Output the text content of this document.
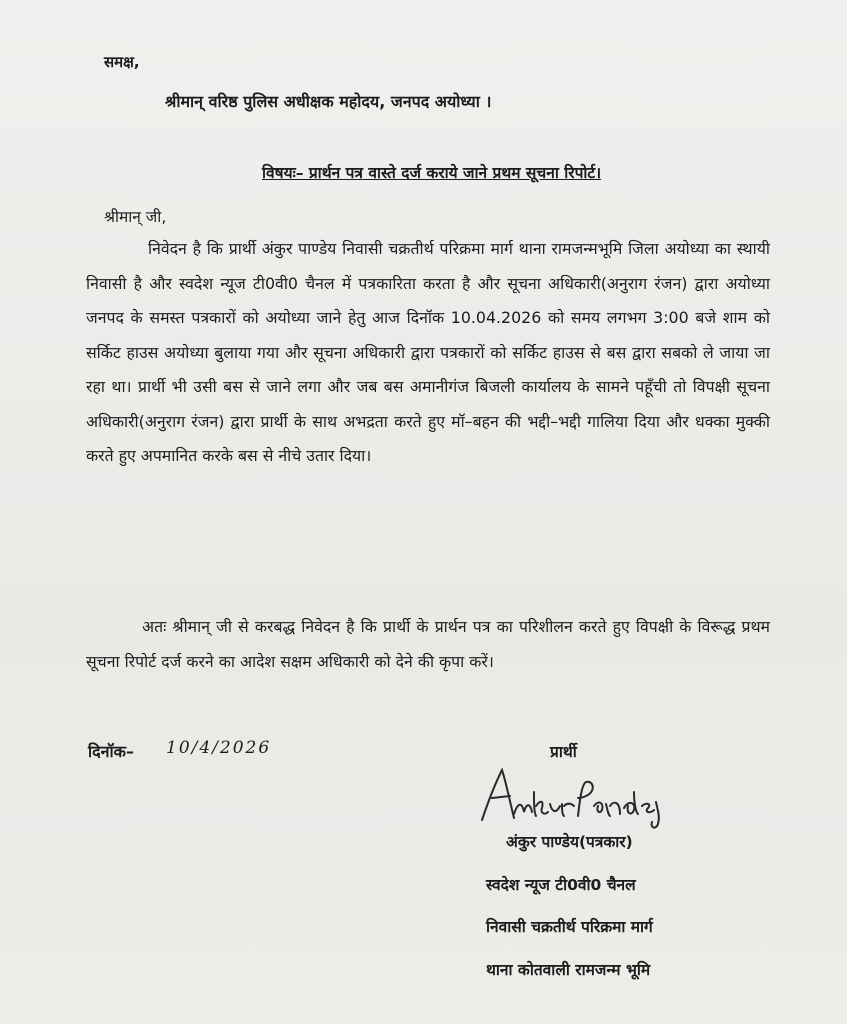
समक्ष,
श्रीमान् वरिष्ठ पुलिस अधीक्षक महोदय, जनपद अयोध्या ।
विषयः– प्रार्थन पत्र वास्ते दर्ज कराये जाने प्रथम सूचना रिपोर्ट।
श्रीमान् जी,
निवेदन है कि प्रार्थी अंकुर पाण्डेय निवासी चक्रतीर्थ परिक्रमा मार्ग थाना रामजन्मभूमि जिला अयोध्या का स्थायी निवासी है और स्वदेश न्यूज टी0वी0 चैनल में पत्रकारिता करता है और सूचना अधिकारी(अनुराग रंजन) द्वारा अयोध्या जनपद के समस्त पत्रकारों को अयोध्या जाने हेतु आज दिनॉक 10.04.2026 को समय लगभग 3:00 बजे शाम को सर्किट हाउस अयोध्या बुलाया गया और सूचना अधिकारी द्वारा पत्रकारों को सर्किट हाउस से बस द्वारा सबको ले जाया जा रहा था। प्रार्थी भी उसी बस से जाने लगा और जब बस अमानीगंज बिजली कार्यालय के सामने पहूँची तो विपक्षी सूचना अधिकारी(अनुराग रंजन) द्वारा प्रार्थी के साथ अभद्रता करते हुए मॉ–बहन की भद्दी–भद्दी गालिया दिया और धक्का मुक्की करते हुए अपमानित करके बस से नीचे उतार दिया।
अतः श्रीमान् जी से करबद्ध निवेदन है कि प्रार्थी के प्रार्थन पत्र का परिशीलन करते हुए विपक्षी के विरूद्ध प्रथम सूचना रिपोर्ट दर्ज करने का आदेश सक्षम अधिकारी को देने की कृपा करें।
दिनॉक– 10/4/2026	प्रार्थी
अंकुर पाण्डेय(पत्रकार)
स्वदेश न्यूज टी0वी0 चैनल
निवासी चक्रतीर्थ परिक्रमा मार्ग
थाना कोतवाली रामजन्म भूमि
